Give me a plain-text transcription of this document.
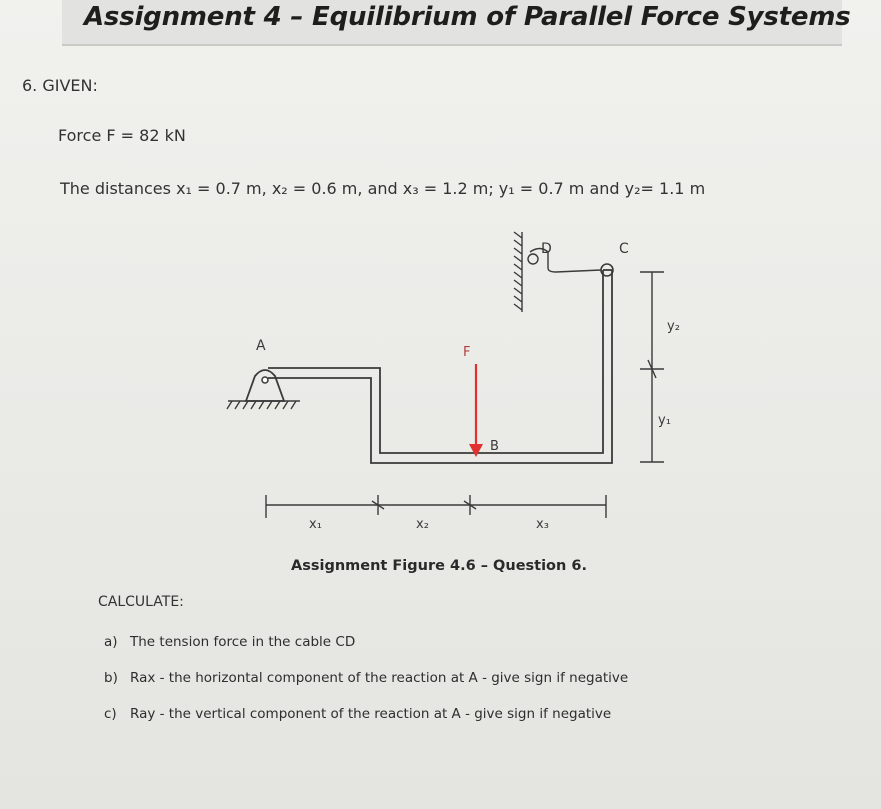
Assignment 4 – Equilibrium of Parallel Force Systems
6. GIVEN:
Force F = 82 kN
The distances x₁ = 0.7 m, x₂ = 0.6 m, and x₃ = 1.2 m; y₁ = 0.7 m and y₂= 1.1 m
A	F
B
D	C
y₂
y₁
x₁	x₂	x₃
Assignment Figure 4.6 – Question 6.
CALCULATE:
a) The tension force in the cable CD
b) Rax - the horizontal component of the reaction at A - give sign if negative
c) Ray - the vertical component of the reaction at A - give sign if negative
